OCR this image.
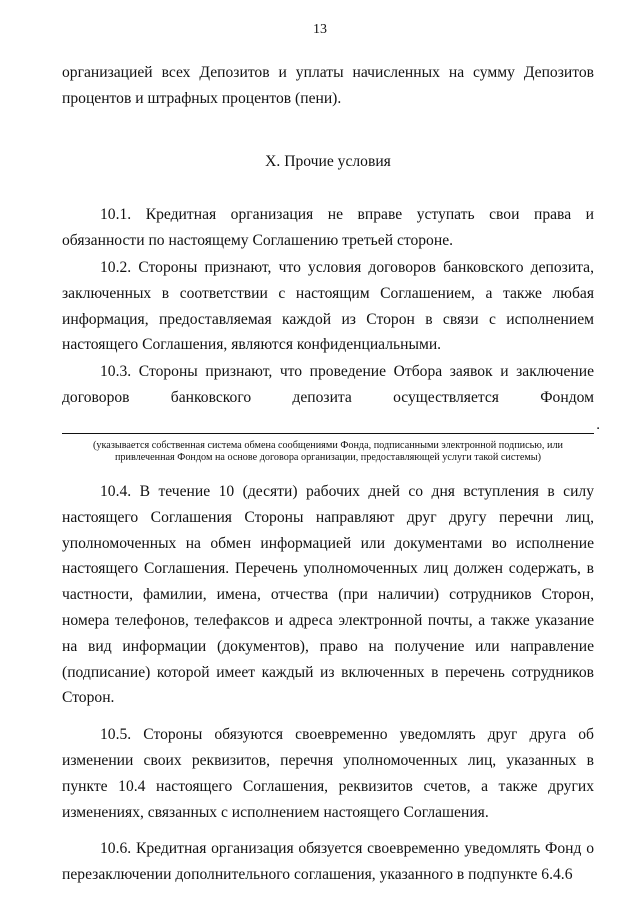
13

организацией всех Депозитов и уплаты начисленных на сумму Депозитов процентов и штрафных процентов (пени).

X. Прочие условия

10.1. Кредитная организация не вправе уступать свои права и обязанности по настоящему Соглашению третьей стороне.

10.2. Стороны признают, что условия договоров банковского депозита, заключенных в соответствии с настоящим Соглашением, а также любая информация, предоставляемая каждой из Сторон в связи с исполнением настоящего Соглашения, являются конфиденциальными.

10.3. Стороны признают, что проведение Отбора заявок и заключение договоров банковского депозита осуществляется Фондом

.

(указывается собственная система обмена сообщениями Фонда, подписанными электронной подписью, или привлеченная Фондом на основе договора организации, предоставляющей услуги такой системы)

10.4. В течение 10 (десяти) рабочих дней со дня вступления в силу настоящего Соглашения Стороны направляют друг другу перечни лиц, уполномоченных на обмен информацией или документами во исполнение настоящего Соглашения. Перечень уполномоченных лиц должен содержать, в частности, фамилии, имена, отчества (при наличии) сотрудников Сторон, номера телефонов, телефаксов и адреса электронной почты, а также указание на вид информации (документов), право на получение или направление (подписание) которой имеет каждый из включенных в перечень сотрудников Сторон.

10.5. Стороны обязуются своевременно уведомлять друг друга об изменении своих реквизитов, перечня уполномоченных лиц, указанных в пункте 10.4 настоящего Соглашения, реквизитов счетов, а также других изменениях, связанных с исполнением настоящего Соглашения.

10.6. Кредитная организация обязуется своевременно уведомлять Фонд о перезаключении дополнительного соглашения, указанного в подпункте 6.4.6
